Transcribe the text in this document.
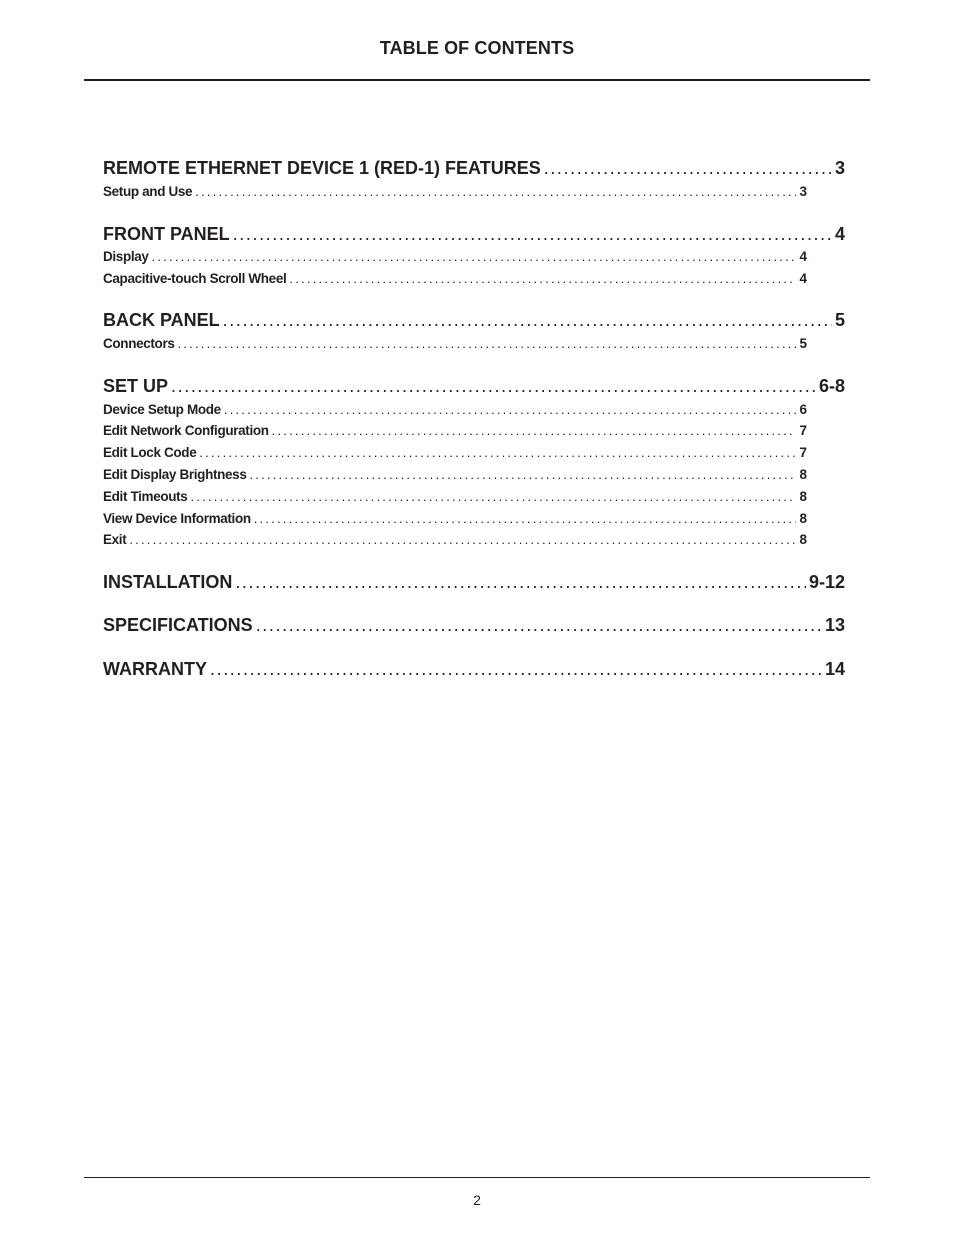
TABLE OF CONTENTS
REMOTE ETHERNET DEVICE 1 (RED-1) FEATURES .....	3
Setup and Use .....	3
FRONT PANEL .....	4
Display .....	4
Capacitive-touch Scroll Wheel .....	4
BACK PANEL .....	5
Connectors .....	5
SET UP .....	6-8
Device Setup Mode .....	6
Edit Network Configuration .....	7
Edit Lock Code .....	7
Edit Display Brightness .....	8
Edit Timeouts .....	8
View Device Information .....	8
Exit .....	8
INSTALLATION .....	9-12
SPECIFICATIONS .....	13
WARRANTY .....	14
2
